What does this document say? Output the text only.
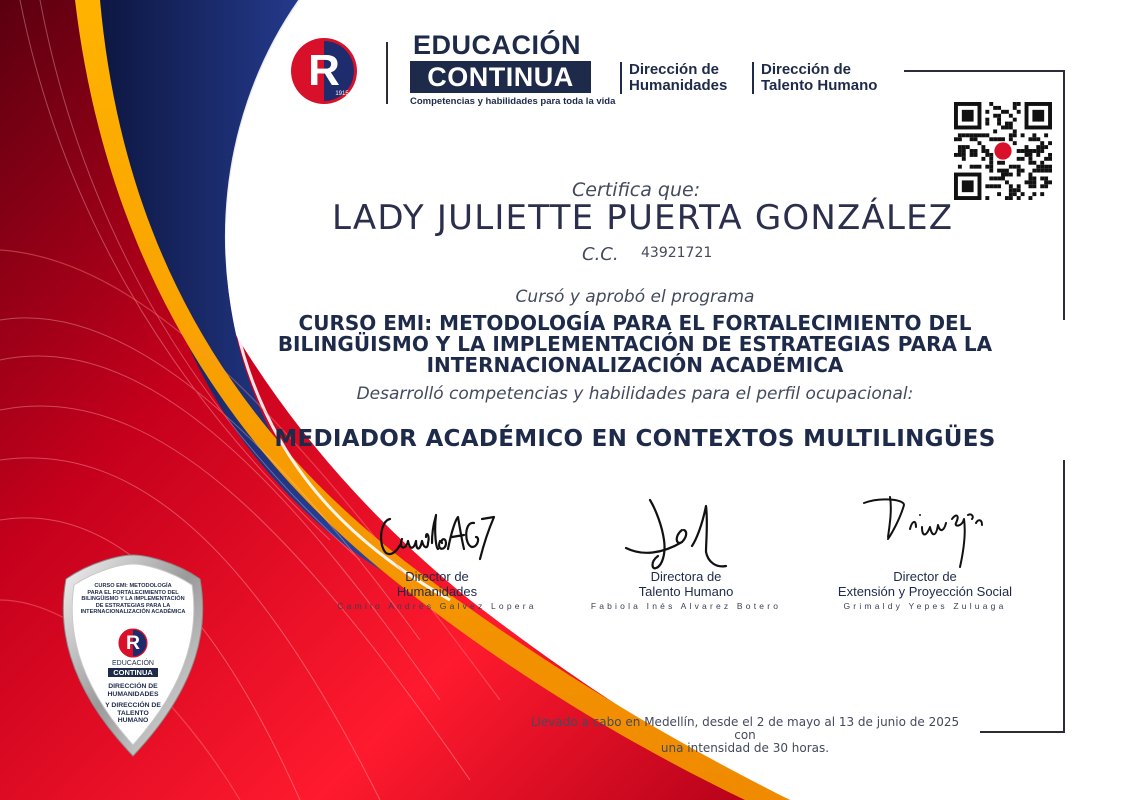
R
1915
EDUCACIÓN
CONTINUA
Competencias y habilidades para toda la vida
Dirección de
Humanidades
Dirección de
Talento Humano
Certifica que:
LADY JULIETTE PUERTA GONZÁLEZ
C.C. 43921721
Cursó y aprobó el programa
CURSO EMI: METODOLOGÍA PARA EL FORTALECIMIENTO DEL
BILINGÜISMO Y LA IMPLEMENTACIÓN DE ESTRATEGIAS PARA LA
INTERNACIONALIZACIÓN ACADÉMICA
Desarrolló competencias y habilidades para el perfil ocupacional:
MEDIADOR ACADÉMICO EN CONTEXTOS MULTILINGÜES
Director de
Humanidades
Camilo Andrés Galvez Lopera
Directora de
Talento Humano
Fabiola Inés Alvarez Botero
Director de
Extensión y Proyección Social
Grimaldy Yepes Zuluaga
Llevado a cabo en Medellín, desde el 2 de mayo al 13 de junio de 2025 con
una intensidad de 30 horas.
CURSO EMI: METODOLOGÍA
PARA EL FORTALECIMIENTO DEL
BILINGÜISMO Y LA IMPLEMENTACIÓN
DE ESTRATEGIAS PARA LA
INTERNACIONALIZACIÓN ACADÉMICA
R
EDUCACIÓN
CONTINUA
DIRECCIÓN DE
HUMANIDADES
Y DIRECCIÓN DE
TALENTO
HUMANO
